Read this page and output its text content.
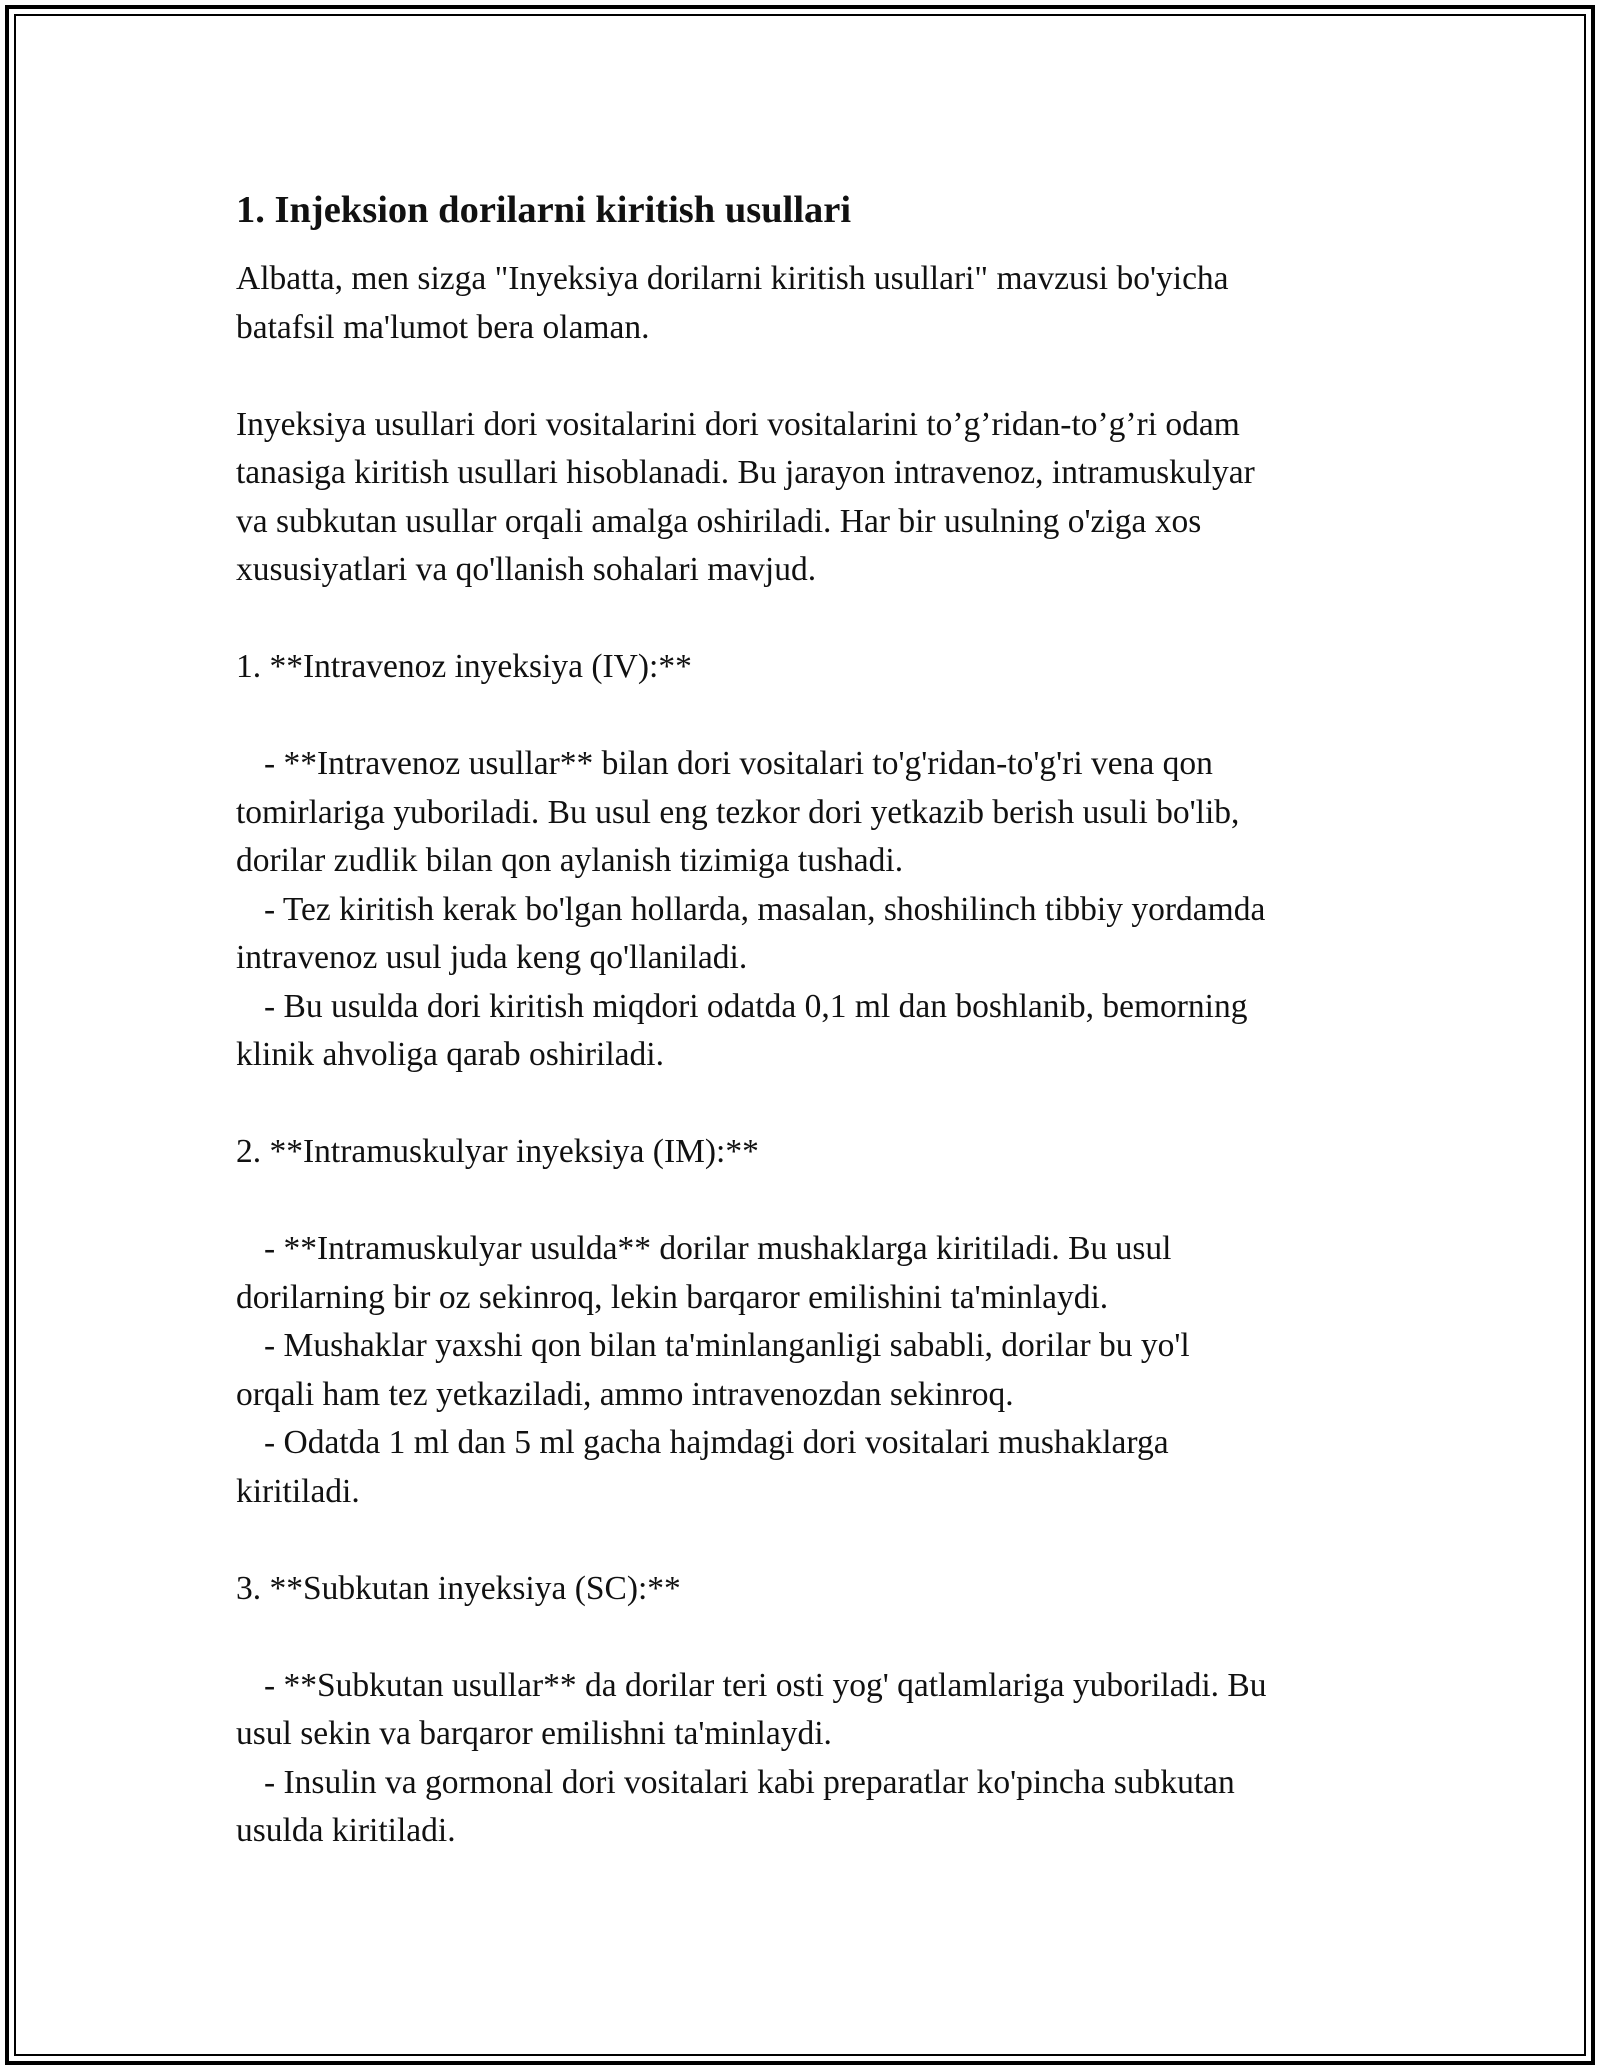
1. Injeksion dorilarni kiritish usullari

Albatta, men sizga "Inyeksiya dorilarni kiritish usullari" mavzusi bo'yicha

batafsil ma'lumot bera olaman.

Inyeksiya usullari dori vositalarini dori vositalarini to’g’ridan-to’g’ri odam

tanasiga kiritish usullari hisoblanadi. Bu jarayon intravenoz, intramuskulyar

va subkutan usullar orqali amalga oshiriladi. Har bir usulning o'ziga xos

xususiyatlari va qo'llanish sohalari mavjud.

1. **Intravenoz inyeksiya (IV):**

- **Intravenoz usullar** bilan dori vositalari to'g'ridan-to'g'ri vena qon

tomirlariga yuboriladi. Bu usul eng tezkor dori yetkazib berish usuli bo'lib,

dorilar zudlik bilan qon aylanish tizimiga tushadi.

- Tez kiritish kerak bo'lgan hollarda, masalan, shoshilinch tibbiy yordamda

intravenoz usul juda keng qo'llaniladi.

- Bu usulda dori kiritish miqdori odatda 0,1 ml dan boshlanib, bemorning

klinik ahvoliga qarab oshiriladi.

2. **Intramuskulyar inyeksiya (IM):**

- **Intramuskulyar usulda** dorilar mushaklarga kiritiladi. Bu usul

dorilarning bir oz sekinroq, lekin barqaror emilishini ta'minlaydi.

- Mushaklar yaxshi qon bilan ta'minlanganligi sababli, dorilar bu yo'l

orqali ham tez yetkaziladi, ammo intravenozdan sekinroq.

- Odatda 1 ml dan 5 ml gacha hajmdagi dori vositalari mushaklarga

kiritiladi.

3. **Subkutan inyeksiya (SC):**

- **Subkutan usullar** da dorilar teri osti yog' qatlamlariga yuboriladi. Bu

usul sekin va barqaror emilishni ta'minlaydi.

- Insulin va gormonal dori vositalari kabi preparatlar ko'pincha subkutan

usulda kiritiladi.
